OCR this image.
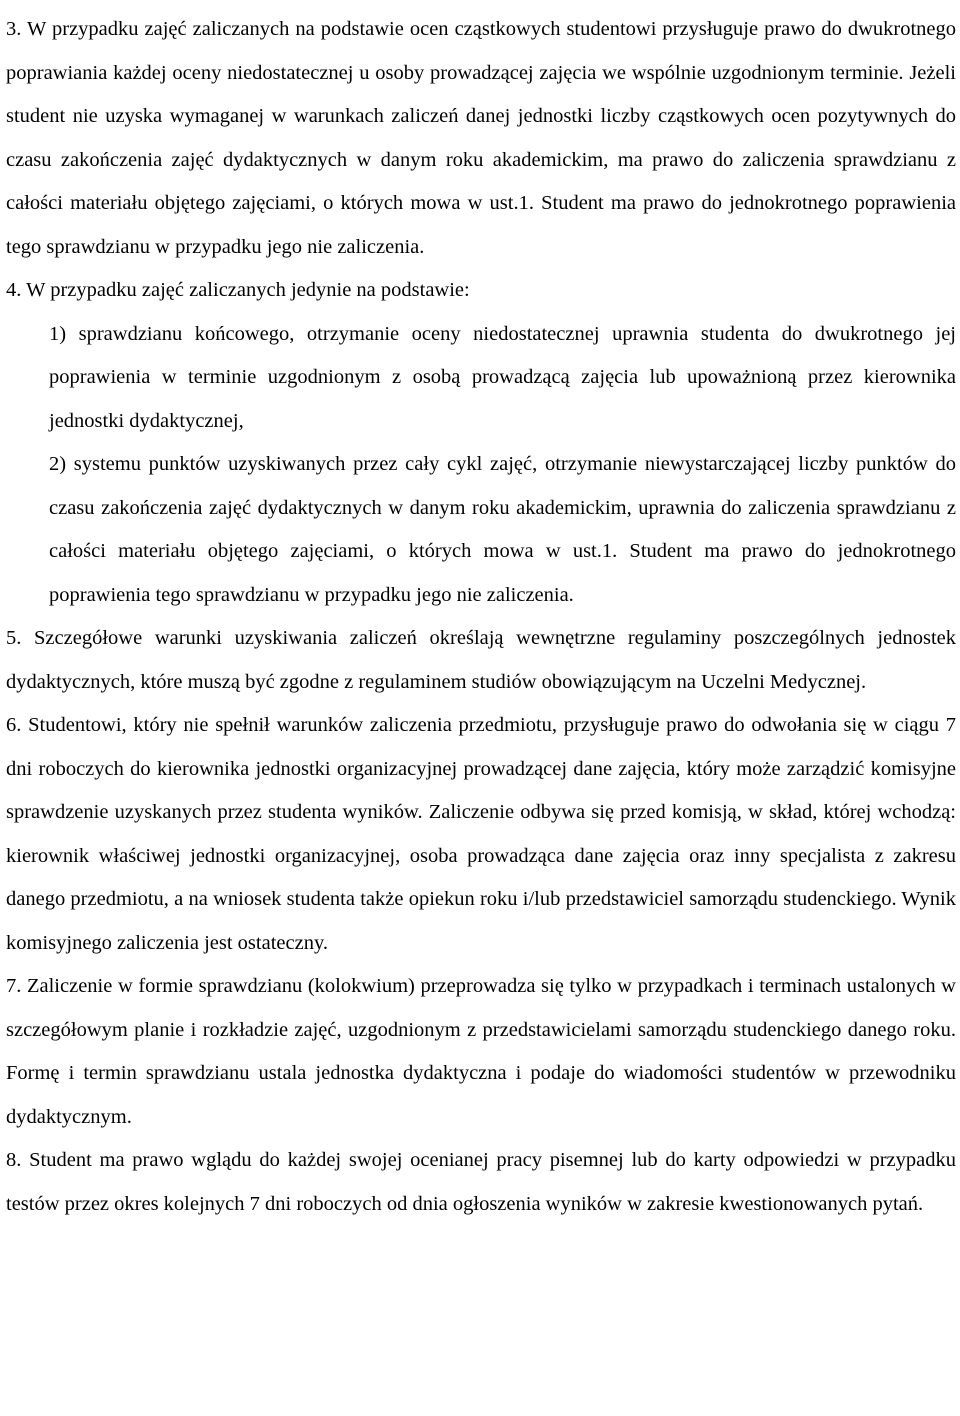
3. W przypadku zajęć zaliczanych na podstawie ocen cząstkowych studentowi przysługuje prawo do dwukrotnego poprawiania każdej oceny niedostatecznej u osoby prowadzącej zajęcia we wspólnie uzgodnionym terminie. Jeżeli student nie uzyska wymaganej w warunkach zaliczeń danej jednostki liczby cząstkowych ocen pozytywnych do czasu zakończenia zajęć dydaktycznych w danym roku akademickim, ma prawo do zaliczenia sprawdzianu z całości materiału objętego zajęciami, o których mowa w ust.1. Student ma prawo do jednokrotnego poprawienia tego sprawdzianu w przypadku jego nie zaliczenia.

4. W przypadku zajęć zaliczanych jedynie na podstawie:

1) sprawdzianu końcowego, otrzymanie oceny niedostatecznej uprawnia studenta do dwukrotnego jej poprawienia w terminie uzgodnionym z osobą prowadzącą zajęcia lub upoważnioną przez kierownika jednostki dydaktycznej,

2) systemu punktów uzyskiwanych przez cały cykl zajęć, otrzymanie niewystarczającej liczby punktów do czasu zakończenia zajęć dydaktycznych w danym roku akademickim, uprawnia do zaliczenia sprawdzianu z całości materiału objętego zajęciami, o których mowa w ust.1. Student ma prawo do jednokrotnego poprawienia tego sprawdzianu w przypadku jego nie zaliczenia.

5. Szczegółowe warunki uzyskiwania zaliczeń określają wewnętrzne regulaminy poszczególnych jednostek dydaktycznych, które muszą być zgodne z regulaminem studiów obowiązującym na Uczelni Medycznej.

6. Studentowi, który nie spełnił warunków zaliczenia przedmiotu, przysługuje prawo do odwołania się w ciągu 7 dni roboczych do kierownika jednostki organizacyjnej prowadzącej dane zajęcia, który może zarządzić komisyjne sprawdzenie uzyskanych przez studenta wyników. Zaliczenie odbywa się przed komisją, w skład, której wchodzą: kierownik właściwej jednostki organizacyjnej, osoba prowadząca dane zajęcia oraz inny specjalista z zakresu danego przedmiotu, a na wniosek studenta także opiekun roku i/lub przedstawiciel samorządu studenckiego. Wynik komisyjnego zaliczenia jest ostateczny.

7. Zaliczenie w formie sprawdzianu (kolokwium) przeprowadza się tylko w przypadkach i terminach ustalonych w szczegółowym planie i rozkładzie zajęć, uzgodnionym z przedstawicielami samorządu studenckiego danego roku. Formę i termin sprawdzianu ustala jednostka dydaktyczna i podaje do wiadomości studentów w przewodniku dydaktycznym.

8. Student ma prawo wglądu do każdej swojej ocenianej pracy pisemnej lub do karty odpowiedzi w przypadku testów przez okres kolejnych 7 dni roboczych od dnia ogłoszenia wyników w zakresie kwestionowanych pytań.
